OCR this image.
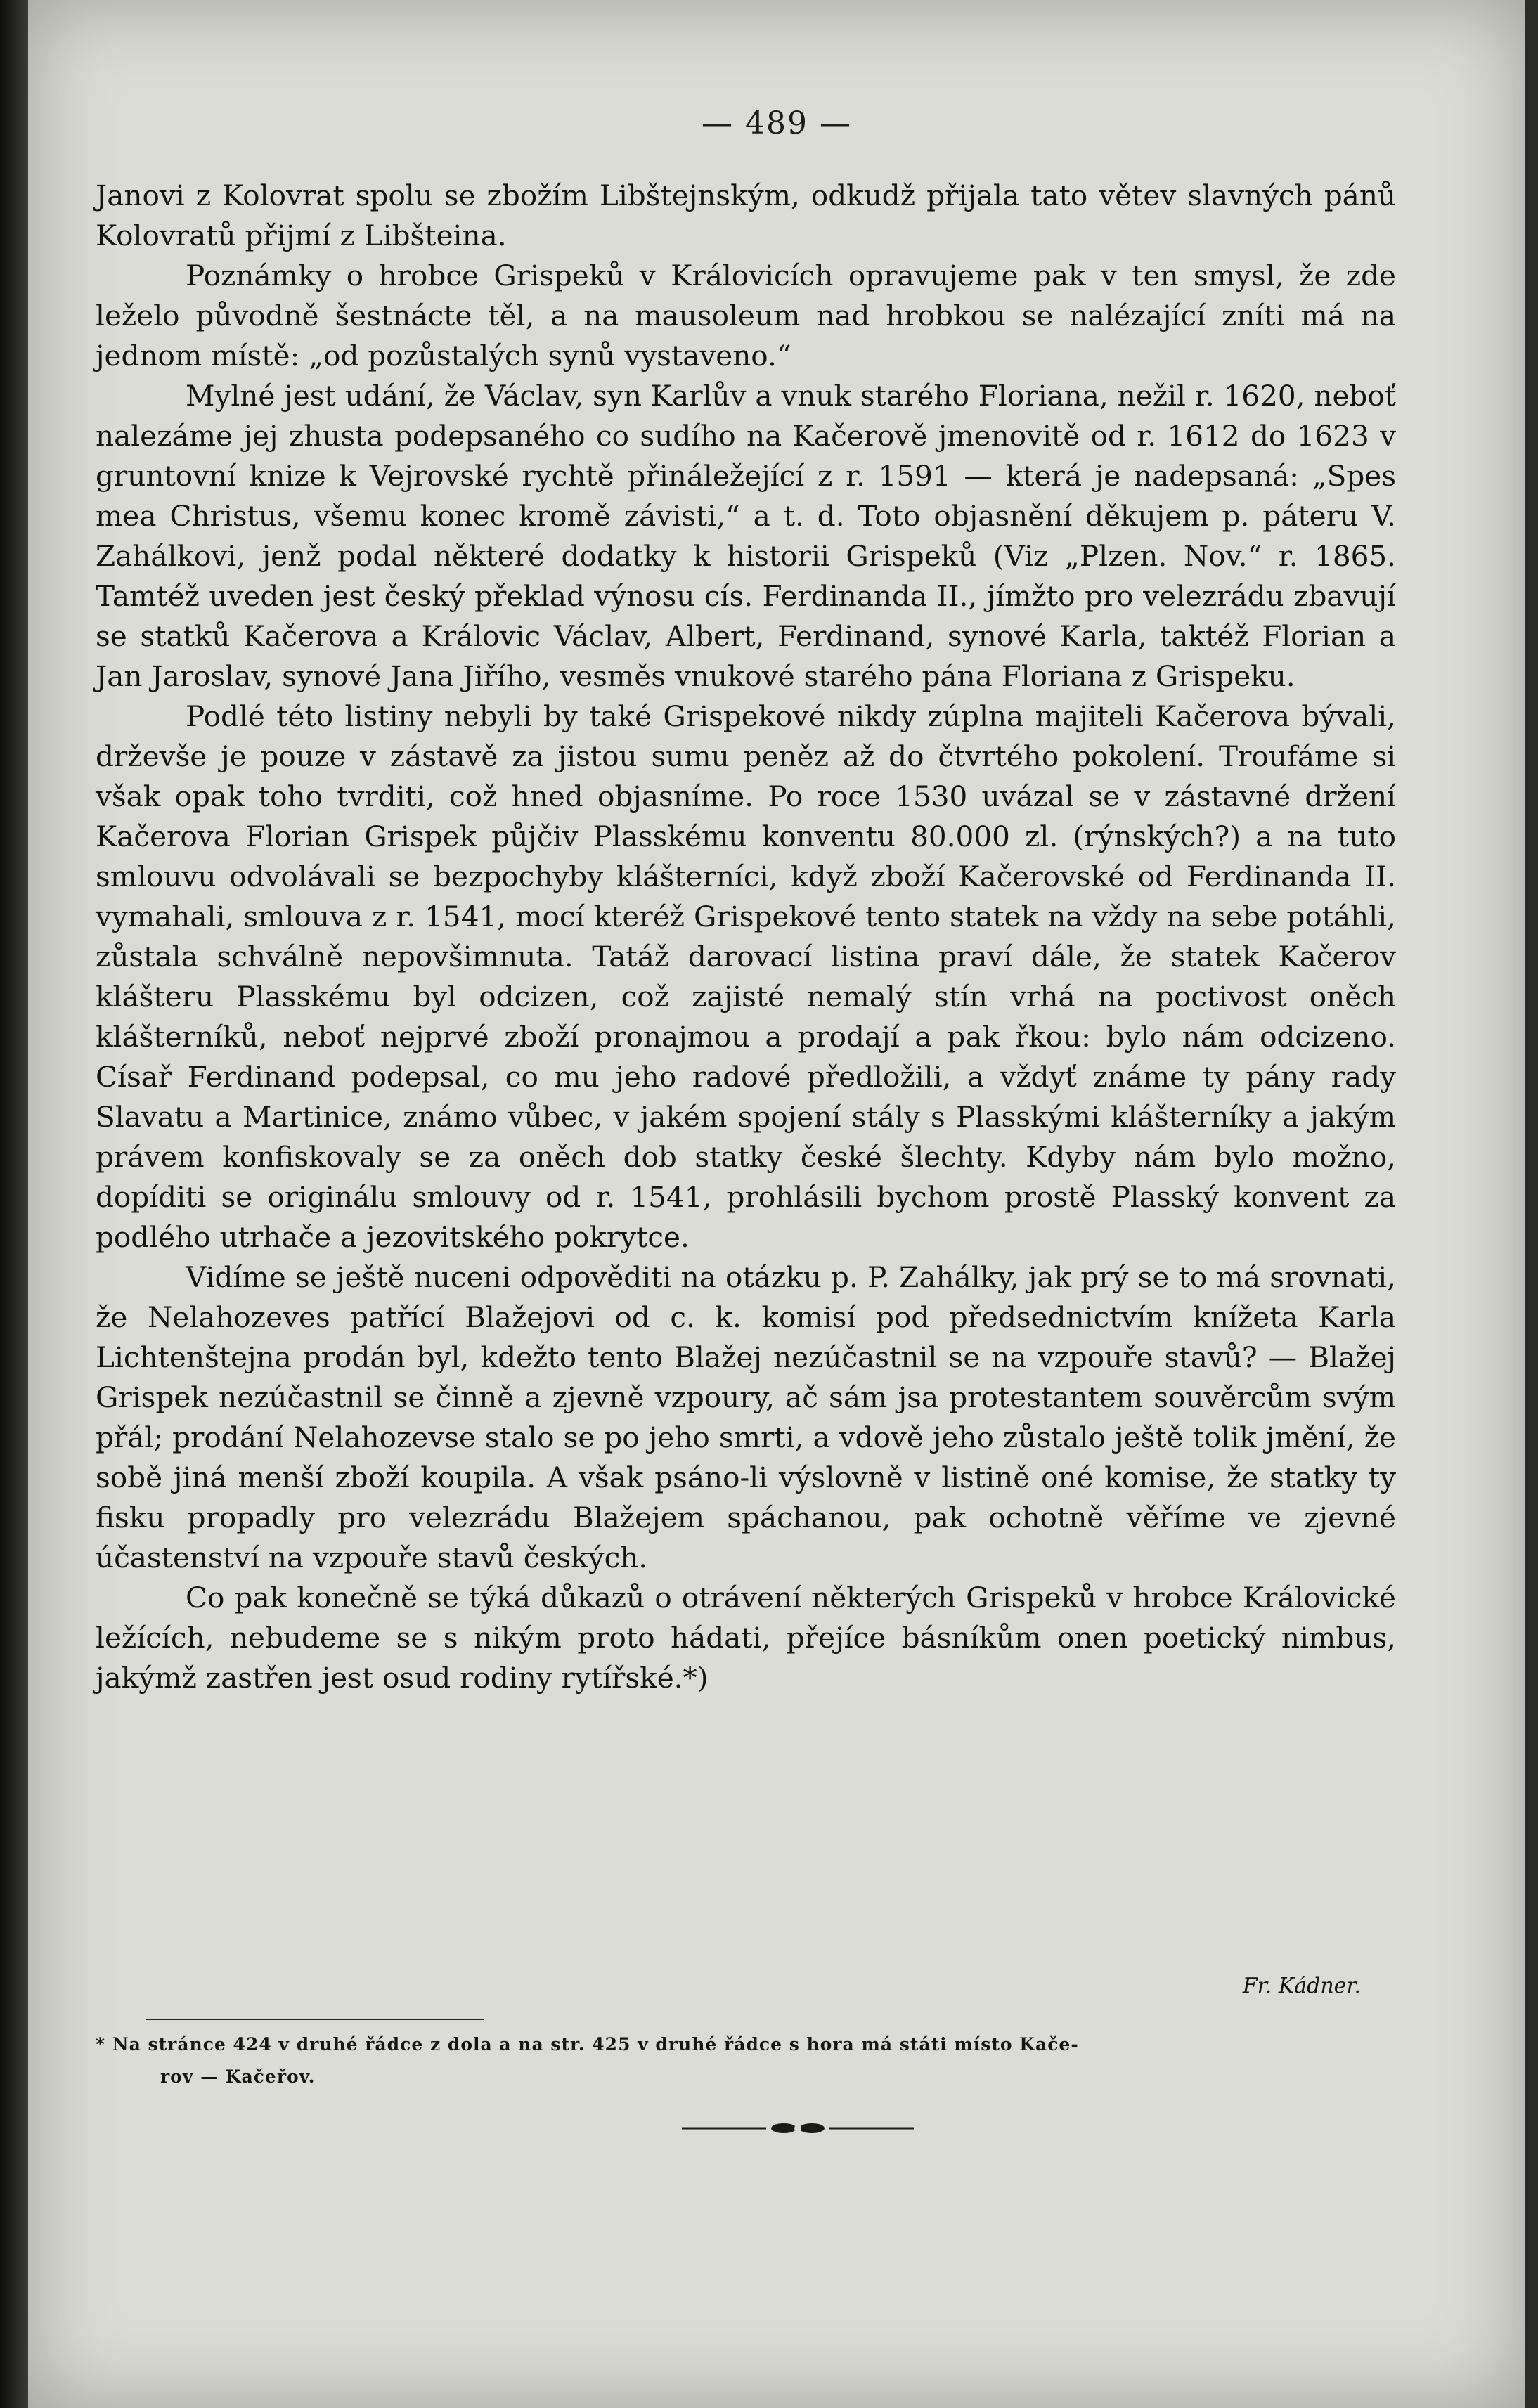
— 489 —

Janovi z Kolovrat spolu se zbožím Libštejnským, odkudž přijala tato větev slavných pánů Kolovratů přijmí z Libšteina.

Poznámky o hrobce Grispeků v Královicích opravujeme pak v ten smysl, že zde leželo původně šestnácte těl, a na mausoleum nad hrobkou se nalézající zníti má na jednom místě: „od pozůstalých synů vystaveno.“

Mylné jest udání, že Václav, syn Karlův a vnuk starého Floriana, nežil r. 1620, neboť nalezáme jej zhusta podepsaného co sudího na Kačerově jmenovitě od r. 1612 do 1623 v gruntovní knize k Vejrovské rychtě přináležející z r. 1591 — která je nadepsaná: „Spes mea Christus, všemu konec kromě závisti,“ a t. d. Toto objasnění děkujem p. páteru V. Zahálkovi, jenž podal některé dodatky k historii Grispeků (Viz „Plzen. Nov.“ r. 1865. Tamtéž uveden jest český překlad výnosu cís. Ferdinanda II., jímžto pro velezrádu zbavují se statků Kačerova a Královic Václav, Albert, Ferdinand, synové Karla, taktéž Florian a Jan Jaroslav, synové Jana Jiřího, vesměs vnukové starého pána Floriana z Grispeku.

Podlé této listiny nebyli by také Grispekové nikdy zúplna majiteli Kačerova bývali, drževše je pouze v zástavě za jistou sumu peněz až do čtvrtého pokolení. Troufáme si však opak toho tvrditi, což hned objasníme. Po roce 1530 uvázal se v zástavné držení Kačerova Florian Grispek půjčiv Plasskému konventu 80.000 zl. (rýnských?) a na tuto smlouvu odvolávali se bezpochyby klášterníci, když zboží Kačerovské od Ferdinanda II. vymahali, smlouva z r. 1541, mocí kteréž Grispekové tento statek na vždy na sebe potáhli, zůstala schválně nepovšimnuta. Tatáž darovací listina praví dále, že statek Kačerov klášteru Plasskému byl odcizen, což zajisté nemalý stín vrhá na poctivost oněch klášterníků, neboť nejprvé zboží pronajmou a prodají a pak řkou: bylo nám odcizeno. Císař Ferdinand podepsal, co mu jeho radové předložili, a vždyť známe ty pány rady Slavatu a Martinice, známo vůbec, v jakém spojení stály s Plasskými klášterníky a jakým právem konfiskovaly se za oněch dob statky české šlechty. Kdyby nám bylo možno, dopíditi se originálu smlouvy od r. 1541, prohlásili bychom prostě Plasský konvent za podlého utrhače a jezovitského pokrytce.

Vidíme se ještě nuceni odpověditi na otázku p. P. Zahálky, jak prý se to má srovnati, že Nelahozeves patřící Blažejovi od c. k. komisí pod předsednictvím knížeta Karla Lichtenštejna prodán byl, kdežto tento Blažej nezúčastnil se na vzpouře stavů? — Blažej Grispek nezúčastnil se činně a zjevně vzpoury, ač sám jsa protestantem souvěrcům svým přál; prodání Nelahozevse stalo se po jeho smrti, a vdově jeho zůstalo ještě tolik jmění, že sobě jiná menší zboží koupila. A však psáno-li výslovně v listině oné komise, že statky ty fisku propadly pro velezrádu Blažejem spáchanou, pak ochotně věříme ve zjevné účastenství na vzpouře stavů českých.

Co pak konečně se týká důkazů o otrávení některých Grispeků v hrobce Královické ležících, nebudeme se s nikým proto hádati, přejíce básníkům onen poetický nimbus, jakýmž zastřen jest osud rodiny rytířské.*)

Fr. Kádner.
* Na stránce 424 v druhé řádce z dola a na str. 425 v druhé řádce s hora má státi místo Kače-
rov — Kačeřov.
